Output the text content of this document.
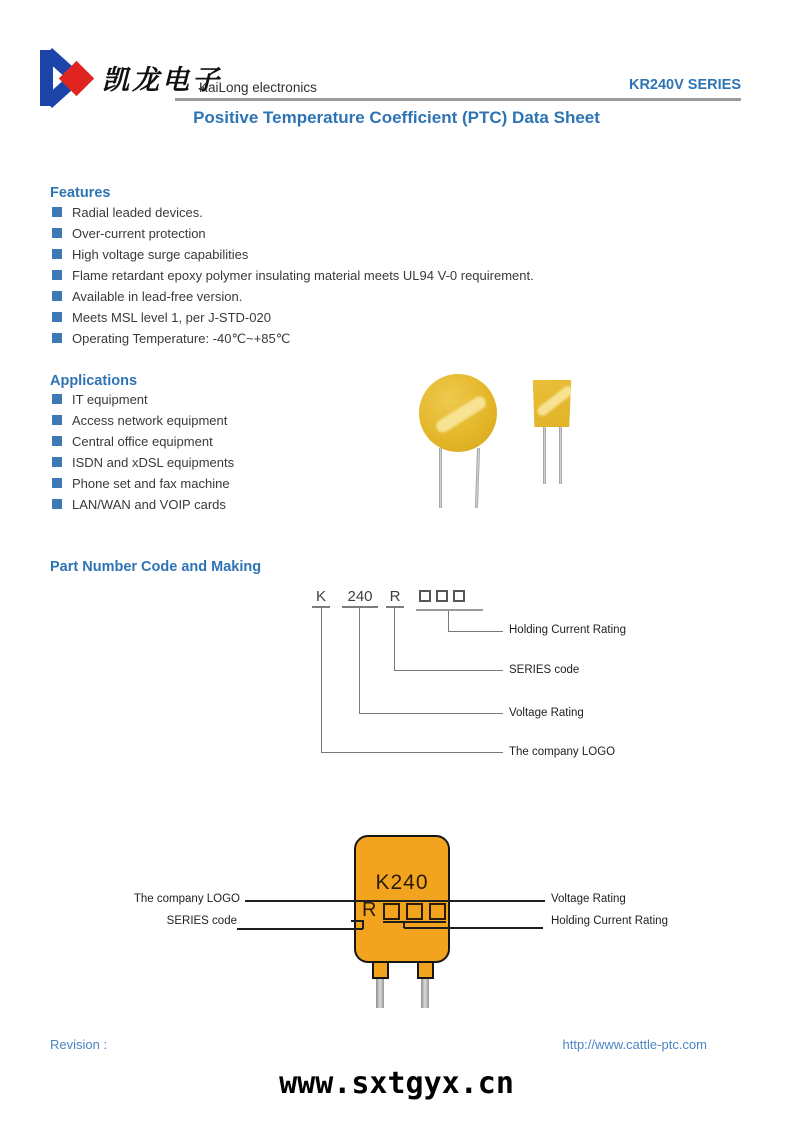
凯龙电子
KaiLong electronics	KR240V SERIES
Positive Temperature Coefficient (PTC) Data Sheet
Features
Radial leaded devices.
Over-current protection
High voltage surge capabilities
Flame retardant epoxy polymer insulating material meets UL94 V-0 requirement.
Available in lead-free version.
Meets MSL level 1, per J-STD-020
Operating Temperature: -40℃~+85℃
Applications
IT equipment
Access network equipment
Central office equipment
ISDN and xDSL equipments
Phone set and fax machine
LAN/WAN and VOIP cards
Part Number Code and Making
K	240	R
Holding Current Rating
SERIES code
Voltage Rating
The company LOGO
K240
R
The company LOGO
SERIES code
Voltage Rating
Holding Current Rating
Revision :	http://www.cattle-ptc.com
www.sxtgyx.cn
